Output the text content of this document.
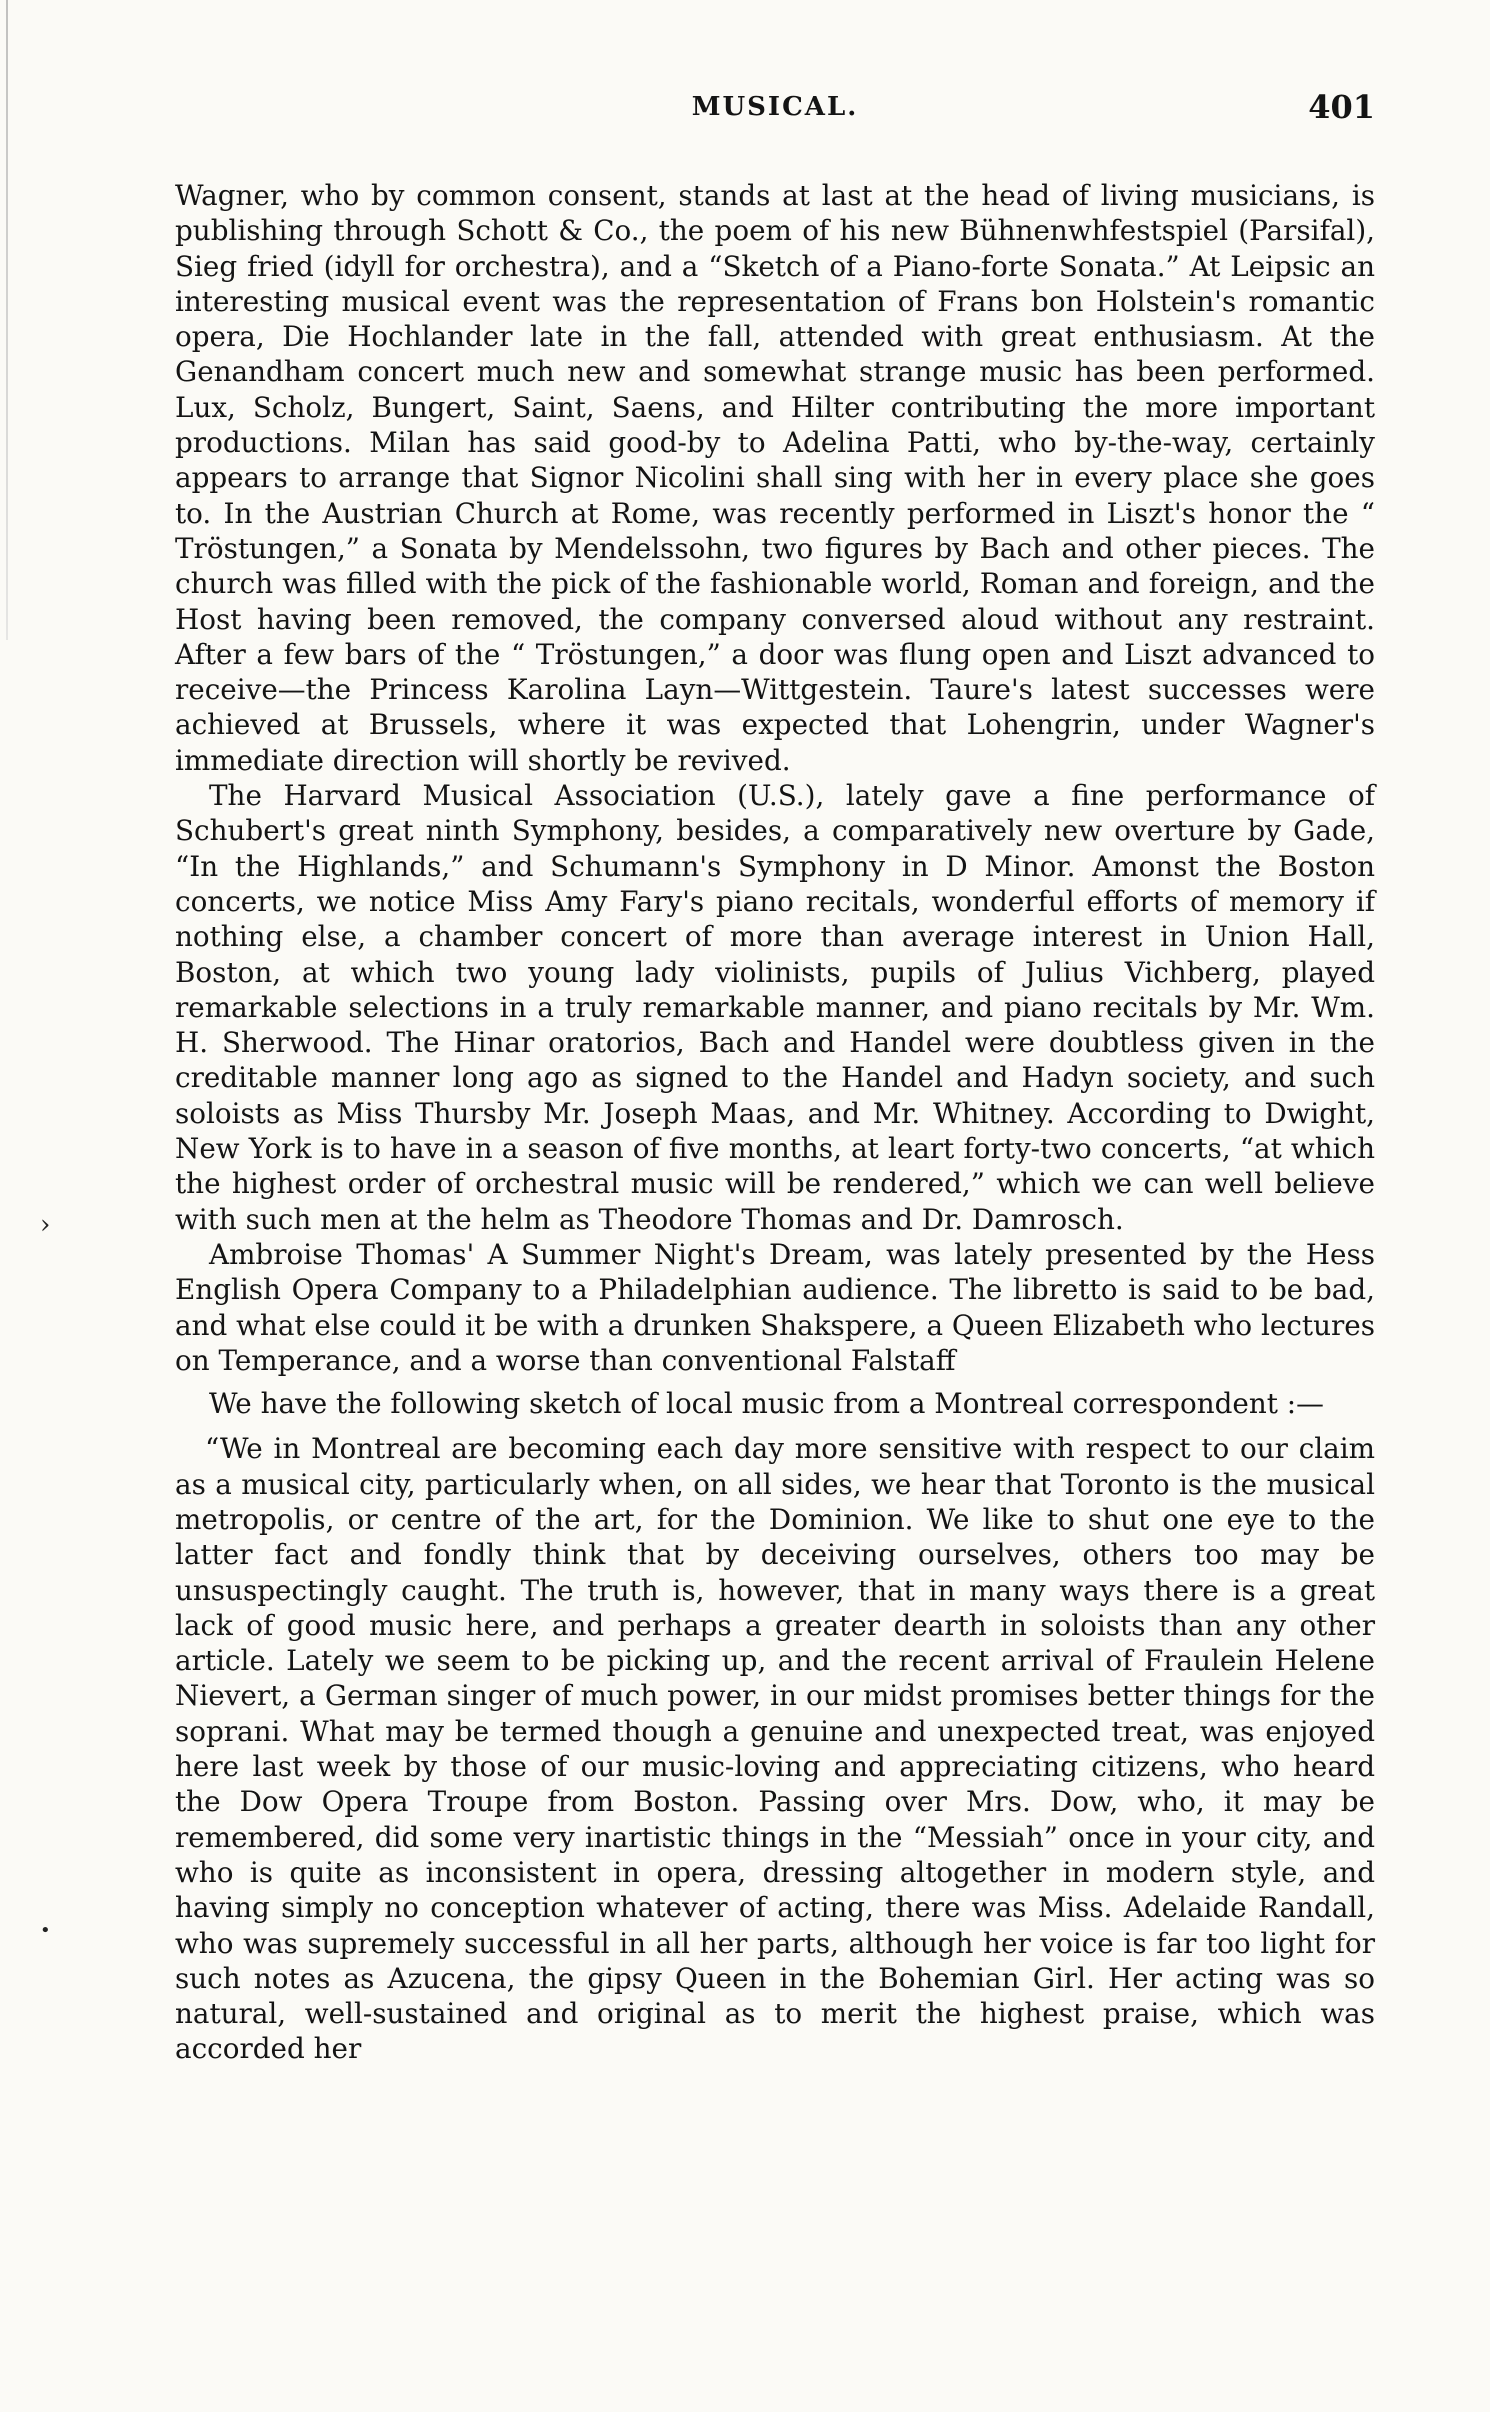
MUSICAL.	401

Wagner, who by common consent, stands at last at the head of living musicians, is publishing through Schott & Co., the poem of his new Bühnenwhfestspiel (Parsifal), Sieg fried (idyll for orchestra), and a “Sketch of a Piano-forte Sonata.” At Leipsic an interesting musical event was the representation of Frans bon Holstein's romantic opera, Die Hochlander late in the fall, attended with great enthusiasm. At the Genandham concert much new and somewhat strange music has been performed. Lux, Scholz, Bungert, Saint, Saens, and Hilter contributing the more important productions. Milan has said good-by to Adelina Patti, who by-the-way, certainly appears to arrange that Signor Nicolini shall sing with her in every place she goes to. In the Austrian Church at Rome, was recently performed in Liszt's honor the “ Tröstungen,” a Sonata by Mendelssohn, two figures by Bach and other pieces. The church was filled with the pick of the fashionable world, Roman and foreign, and the Host having been removed, the company conversed aloud without any restraint. After a few bars of the “ Tröstungen,” a door was flung open and Liszt advanced to receive—the Princess Karolina Layn—Wittgestein. Taure's latest successes were achieved at Brussels, where it was expected that Lohengrin, under Wagner's immediate direction will shortly be revived.

The Harvard Musical Association (U.S.), lately gave a fine performance of Schubert's great ninth Symphony, besides, a comparatively new overture by Gade, “In the Highlands,” and Schumann's Symphony in D Minor. Amonst the Boston concerts, we notice Miss Amy Fary's piano recitals, wonderful efforts of memory if nothing else, a chamber concert of more than average interest in Union Hall, Boston, at which two young lady violinists, pupils of Julius Vichberg, played remarkable selections in a truly remarkable manner, and piano recitals by Mr. Wm. H. Sherwood. The Hinar oratorios, Bach and Handel were doubtless given in the creditable manner long ago as signed to the Handel and Hadyn society, and such soloists as Miss Thursby Mr. Joseph Maas, and Mr. Whitney. According to Dwight, New York is to have in a season of five months, at leart forty-two concerts, “at which the highest order of orchestral music will be rendered,” which we can well believe with such men at the helm as Theodore Thomas and Dr. Damrosch.

Ambroise Thomas' A Summer Night's Dream, was lately presented by the Hess English Opera Company to a Philadelphian audience. The libretto is said to be bad, and what else could it be with a drunken Shakspere, a Queen Elizabeth who lectures on Temperance, and a worse than conventional Falstaff

We have the following sketch of local music from a Montreal correspondent :—

“We in Montreal are becoming each day more sensitive with respect to our claim as a musical city, particularly when, on all sides, we hear that Toronto is the musical metropolis, or centre of the art, for the Dominion. We like to shut one eye to the latter fact and fondly think that by deceiving ourselves, others too may be unsuspectingly caught. The truth is, however, that in many ways there is a great lack of good music here, and perhaps a greater dearth in soloists than any other article. Lately we seem to be picking up, and the recent arrival of Fraulein Helene Nievert, a German singer of much power, in our midst promises better things for the soprani. What may be termed though a genuine and unexpected treat, was enjoyed here last week by those of our music-loving and appreciating citizens, who heard the Dow Opera Troupe from Boston. Passing over Mrs. Dow, who, it may be remembered, did some very inartistic things in the “Messiah” once in your city, and who is quite as inconsistent in opera, dressing altogether in modern style, and having simply no conception whatever of acting, there was Miss. Adelaide Randall, who was supremely successful in all her parts, although her voice is far too light for such notes as Azucena, the gipsy Queen in the Bohemian Girl. Her acting was so natural, well-sustained and original as to merit the highest praise, which was accorded her

›
•
